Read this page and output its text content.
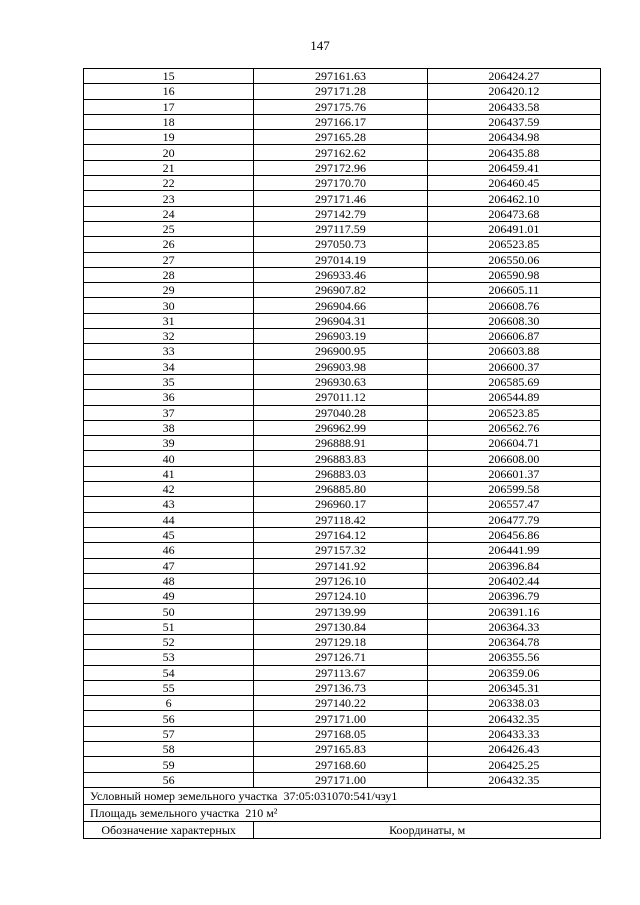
147
15	297161.63	206424.27
16	297171.28	206420.12
17	297175.76	206433.58
18	297166.17	206437.59
19	297165.28	206434.98
20	297162.62	206435.88
21	297172.96	206459.41
22	297170.70	206460.45
23	297171.46	206462.10
24	297142.79	206473.68
25	297117.59	206491.01
26	297050.73	206523.85
27	297014.19	206550.06
28	296933.46	206590.98
29	296907.82	206605.11
30	296904.66	206608.76
31	296904.31	206608.30
32	296903.19	206606.87
33	296900.95	206603.88
34	296903.98	206600.37
35	296930.63	206585.69
36	297011.12	206544.89
37	297040.28	206523.85
38	296962.99	206562.76
39	296888.91	206604.71
40	296883.83	206608.00
41	296883.03	206601.37
42	296885.80	206599.58
43	296960.17	206557.47
44	297118.42	206477.79
45	297164.12	206456.86
46	297157.32	206441.99
47	297141.92	206396.84
48	297126.10	206402.44
49	297124.10	206396.79
50	297139.99	206391.16
51	297130.84	206364.33
52	297129.18	206364.78
53	297126.71	206355.56
54	297113.67	206359.06
55	297136.73	206345.31
6	297140.22	206338.03
56	297171.00	206432.35
57	297168.05	206433.33
58	297165.83	206426.43
59	297168.60	206425.25
56	297171.00	206432.35
Условный номер земельного участка 37:05:031070:541/чзу1		
Площадь земельного участка 210 м²		
Обозначение характерных	Координаты, м	
